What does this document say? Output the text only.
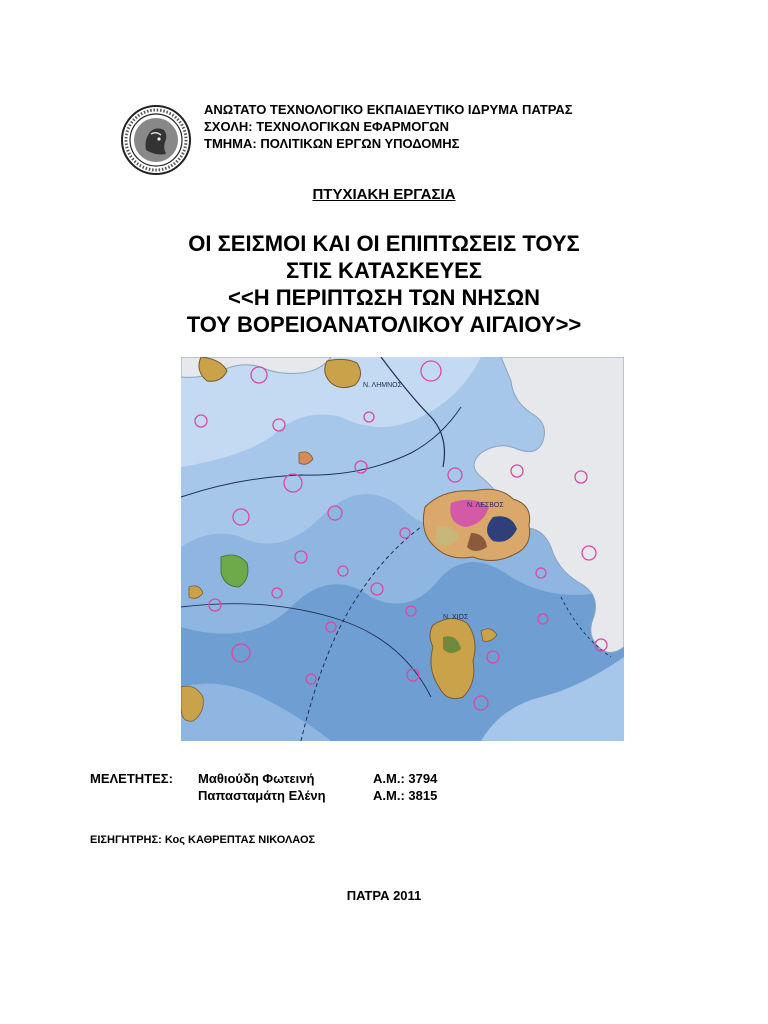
ΑΝΩΤΑΤΟ ΤΕΧΝΟΛΟΓΙΚΟ ΕΚΠΑΙΔΕΥΤΙΚΟ ΙΔΡΥΜΑ ΠΑΤΡΑΣ
ΣΧΟΛΗ: ΤΕΧΝΟΛΟΓΙΚΩΝ ΕΦΑΡΜΟΓΩΝ
ΤΜΗΜΑ: ΠΟΛΙΤΙΚΩΝ ΕΡΓΩΝ ΥΠΟΔΟΜΗΣ
ΠΤΥΧΙΑΚΗ ΕΡΓΑΣΙΑ
ΟΙ ΣΕΙΣΜΟΙ ΚΑΙ ΟΙ ΕΠΙΠΤΩΣΕΙΣ ΤΟΥΣ
ΣΤΙΣ ΚΑΤΑΣΚΕΥΕΣ
<<Η ΠΕΡΙΠΤΩΣΗ ΤΩΝ ΝΗΣΩΝ
ΤΟΥ ΒΟΡΕΙΟΑΝΑΤΟΛΙΚΟΥ ΑΙΓΑΙΟΥ>>
Ν. ΛΕΣΒΟΣ
Ν. ΧΙΟΣ
Ν. ΛΗΜΝΟΣ
ΜΕΛΕΤΗΤΕΣ: Μαθιούδη Φωτεινή	Α.Μ.: 3794
Παπασταμάτη Ελένη	Α.Μ.: 3815
ΕΙΣΗΓΗΤΡΗΣ: Κος ΚΑΘΡΕΠΤΑΣ ΝΙΚΟΛΑΟΣ
ΠΑΤΡΑ 2011
